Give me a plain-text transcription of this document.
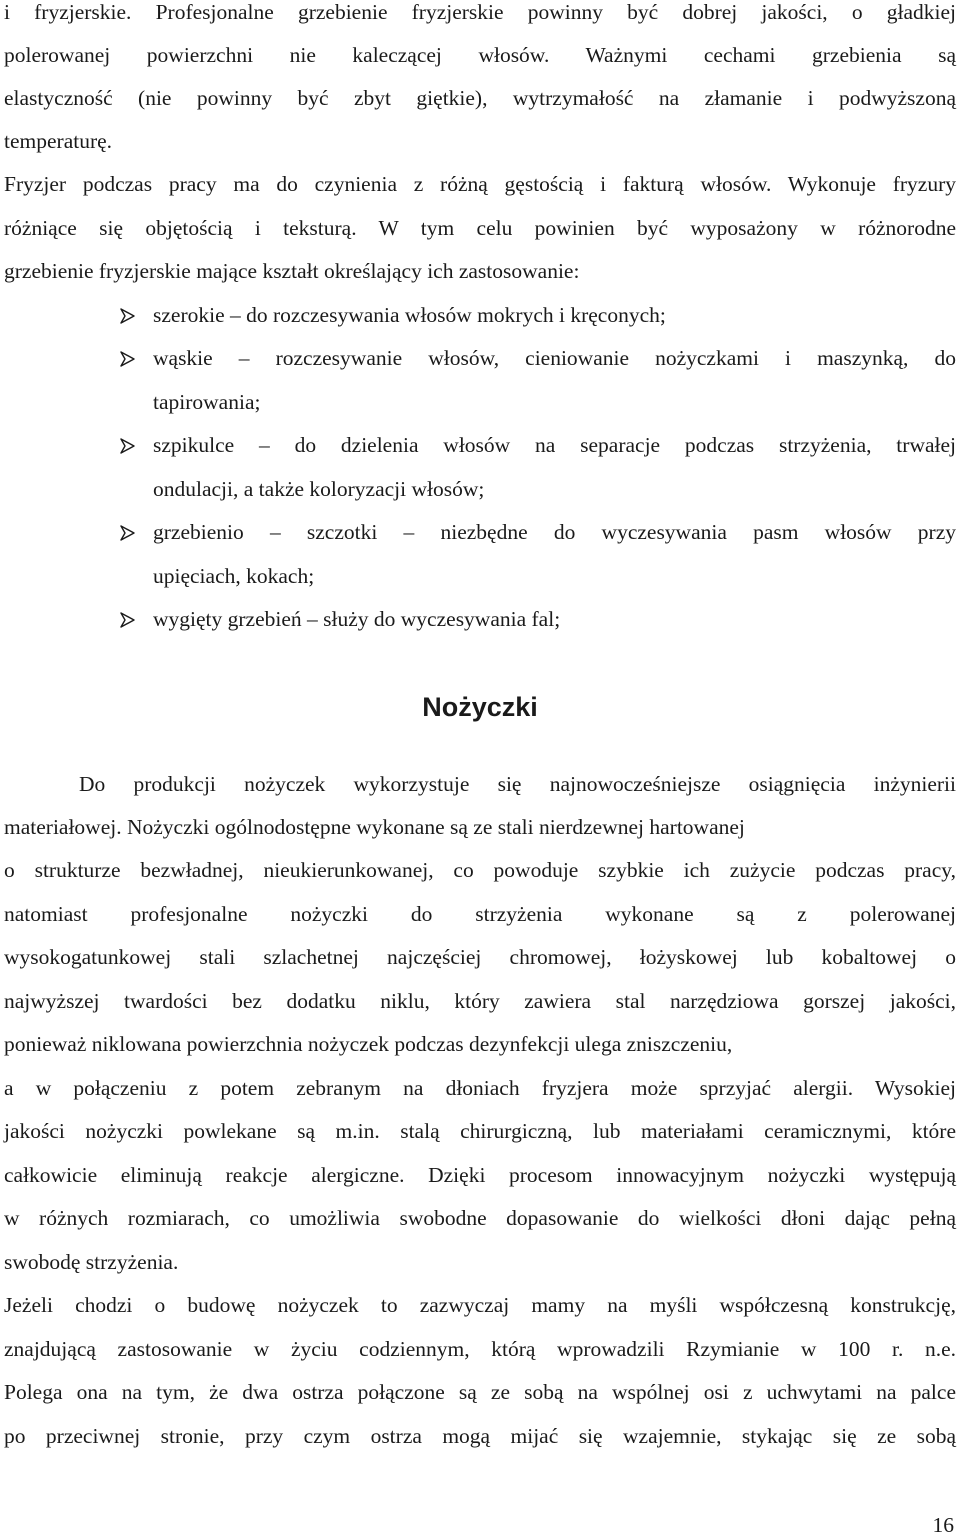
i fryzjerskie. Profesjonalne grzebienie fryzjerskie powinny być dobrej jakości, o gładkiej

polerowanej powierzchni nie kaleczącej włosów. Ważnymi cechami grzebienia są

elastyczność (nie powinny być zbyt giętkie), wytrzymałość na złamanie i podwyższoną

temperaturę.

Fryzjer podczas pracy ma do czynienia z różną gęstością i fakturą włosów. Wykonuje fryzury

różniące się objętością i teksturą. W tym celu powinien być wyposażony w różnorodne

grzebienie fryzjerskie mające kształt określający ich zastosowanie:

szerokie – do rozczesywania włosów mokrych i kręconych;

wąskie – rozczesywanie włosów, cieniowanie nożyczkami i maszynką, do

tapirowania;

szpikulce – do dzielenia włosów na separacje podczas strzyżenia, trwałej

ondulacji, a także koloryzacji włosów;

grzebienio – szczotki – niezbędne do wyczesywania pasm włosów przy

upięciach, kokach;

wygięty grzebień – służy do wyczesywania fal;

Nożyczki

Do produkcji nożyczek wykorzystuje się najnowocześniejsze osiągnięcia inżynierii

materiałowej. Nożyczki ogólnodostępne wykonane są ze stali nierdzewnej hartowanej

o strukturze bezwładnej, nieukierunkowanej, co powoduje szybkie ich zużycie podczas pracy,

natomiast profesjonalne nożyczki do strzyżenia wykonane są z polerowanej

wysokogatunkowej stali szlachetnej najczęściej chromowej, łożyskowej lub kobaltowej o

najwyższej twardości bez dodatku niklu, który zawiera stal narzędziowa gorszej jakości,

ponieważ niklowana powierzchnia nożyczek podczas dezynfekcji ulega zniszczeniu,

a w połączeniu z potem zebranym na dłoniach fryzjera może sprzyjać alergii. Wysokiej

jakości nożyczki powlekane są m.in. stalą chirurgiczną, lub materiałami ceramicznymi, które

całkowicie eliminują reakcje alergiczne. Dzięki procesom innowacyjnym nożyczki występują

w różnych rozmiarach, co umożliwia swobodne dopasowanie do wielkości dłoni dając pełną

swobodę strzyżenia.

Jeżeli chodzi o budowę nożyczek to zazwyczaj mamy na myśli współczesną konstrukcję,

znajdującą zastosowanie w życiu codziennym, którą wprowadzili Rzymianie w 100 r. n.e.

Polega ona na tym, że dwa ostrza połączone są ze sobą na wspólnej osi z uchwytami na palce

po przeciwnej stronie, przy czym ostrza mogą mijać się wzajemnie, stykając się ze sobą

16
